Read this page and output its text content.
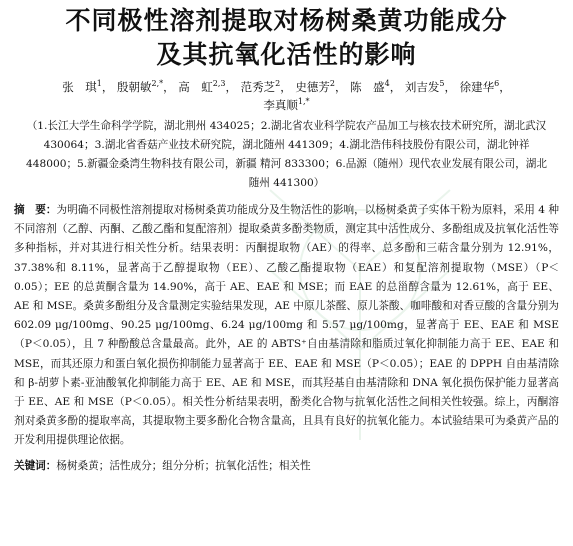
不同极性溶剂提取对杨树桑黄功能成分
及其抗氧化活性的影响
张　琪$^1$， 殷朝敏$^{2,*}$， 高　虹$^{2,3}$， 范秀芝$^2$， 史德芳$^2$， 陈　盛$^4$， 刘吉发$^5$， 徐建华$^6$，
李真顺$^{1,*}$
（1.长江大学生命科学学院，湖北荆州 434025；2.湖北省农业科学院农产品加工与核农技术研究所，湖北武汉 430064；3.湖北省香菇产业技术研究院，湖北随州 441309；4.湖北浩伟科技股份有限公司，湖北钟祥 448000；5.新疆金桑湾生物科技有限公司，新疆 精河 833300；6.品源（随州）现代农业发展有限公司，湖北随州 441300）
摘　要：为明确不同极性溶剂提取对杨树桑黄功能成分及生物活性的影响，以杨树桑黄子实体干粉为原料，采用 4 种不同溶剂（乙醇、丙酮、乙酸乙酯和复配溶剂）提取桑黄多酚类物质，测定其中活性成分、多酚组成及抗氧化活性等多种指标，并对其进行相关性分析。结果表明：丙酮提取物（AE）的得率、总多酚和三萜含量分别为 12.91%，37.38%和 8.11%，显著高于乙醇提取物（EE）、乙酸乙酯提取物（EAE）和复配溶剂提取物（MSE）（P＜0.05）；EE 的总黄酮含量为 14.90%，高于 AE、EAE 和 MSE；而 EAE 的总甾醇含量为 12.61%，高于 EE、AE 和 MSE。桑黄多酚组分及含量测定实验结果发现，AE 中原儿茶醛、原儿茶酸、咖啡酸和对香豆酸的含量分别为 602.09 μg/100mg、90.25 μg/100mg、6.24 μg/100mg 和 5.57 μg/100mg，显著高于 EE、EAE 和 MSE（P＜0.05），且 7 种酚酸总含量最高。此外，AE 的 ABTS⁺自由基清除和脂质过氧化抑制能力高于 EE、EAE 和 MSE，而其还原力和蛋白氧化损伤抑制能力显著高于 EE、EAE 和 MSE（P＜0.05）；EAE 的 DPPH 自由基清除和 β-胡萝卜素-亚油酸氧化抑制能力高于 EE、AE 和 MSE，而其羟基自由基清除和 DNA 氧化损伤保护能力显著高于 EE、AE 和 MSE（P＜0.05）。相关性分析结果表明，酚类化合物与抗氧化活性之间相关性较强。综上，丙酮溶剂对桑黄多酚的提取率高，其提取物主要多酚化合物含量高，且具有良好的抗氧化能力。本试验结果可为桑黄产品的开发利用提供理论依据。
关键词：杨树桑黄；活性成分；组分分析；抗氧化活性；相关性
